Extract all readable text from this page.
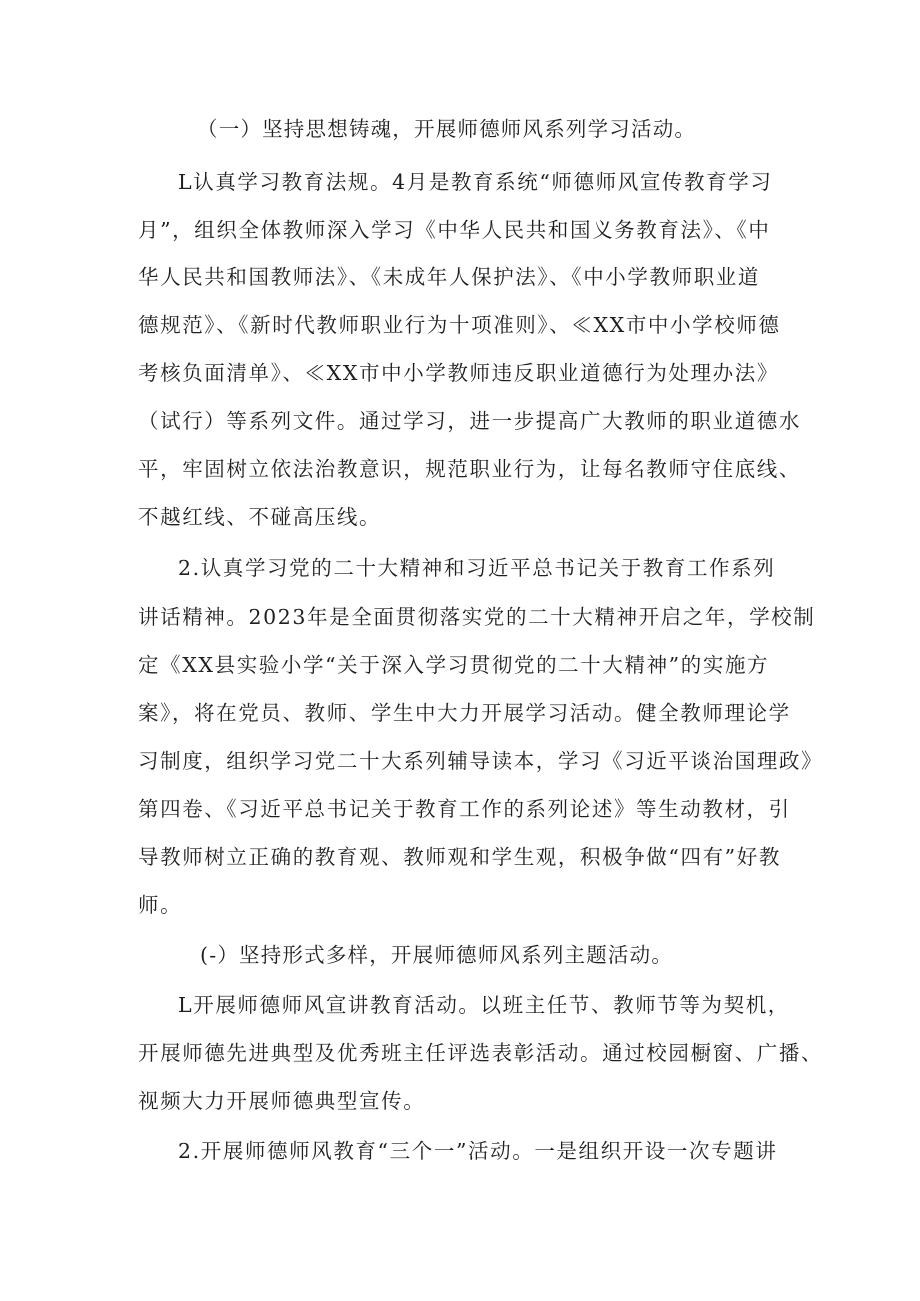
（一）坚持思想铸魂，开展师德师风系列学习活动。

L认真学习教育法规。4月是教育系统“师德师风宣传教育学习

月”，组织全体教师深入学习《中华人民共和国义务教育法》、《中

华人民共和国教师法》、《未成年人保护法》、《中小学教师职业道

德规范》、《新时代教师职业行为十项准则》、≪XX市中小学校师德

考核负面清单》、≪XX市中小学教师违反职业道德行为处理办法》

（试行）等系列文件。通过学习，进一步提高广大教师的职业道德水

平，牢固树立依法治教意识，规范职业行为，让每名教师守住底线、

不越红线、不碰高压线。

2.认真学习党的二十大精神和习近平总书记关于教育工作系列

讲话精神。2023年是全面贯彻落实党的二十大精神开启之年，学校制

定《XX县实验小学“关于深入学习贯彻党的二十大精神”的实施方

案》，将在党员、教师、学生中大力开展学习活动。健全教师理论学

习制度，组织学习党二十大系列辅导读本，学习《习近平谈治国理政》

第四卷、《习近平总书记关于教育工作的系列论述》等生动教材，引

导教师树立正确的教育观、教师观和学生观，积极争做“四有”好教

师。

(-）坚持形式多样，开展师德师风系列主题活动。

L开展师德师风宣讲教育活动。以班主任节、教师节等为契机，

开展师德先进典型及优秀班主任评选表彰活动。通过校园橱窗、广播、

视频大力开展师德典型宣传。

2.开展师德师风教育“三个一”活动。一是组织开设一次专题讲
